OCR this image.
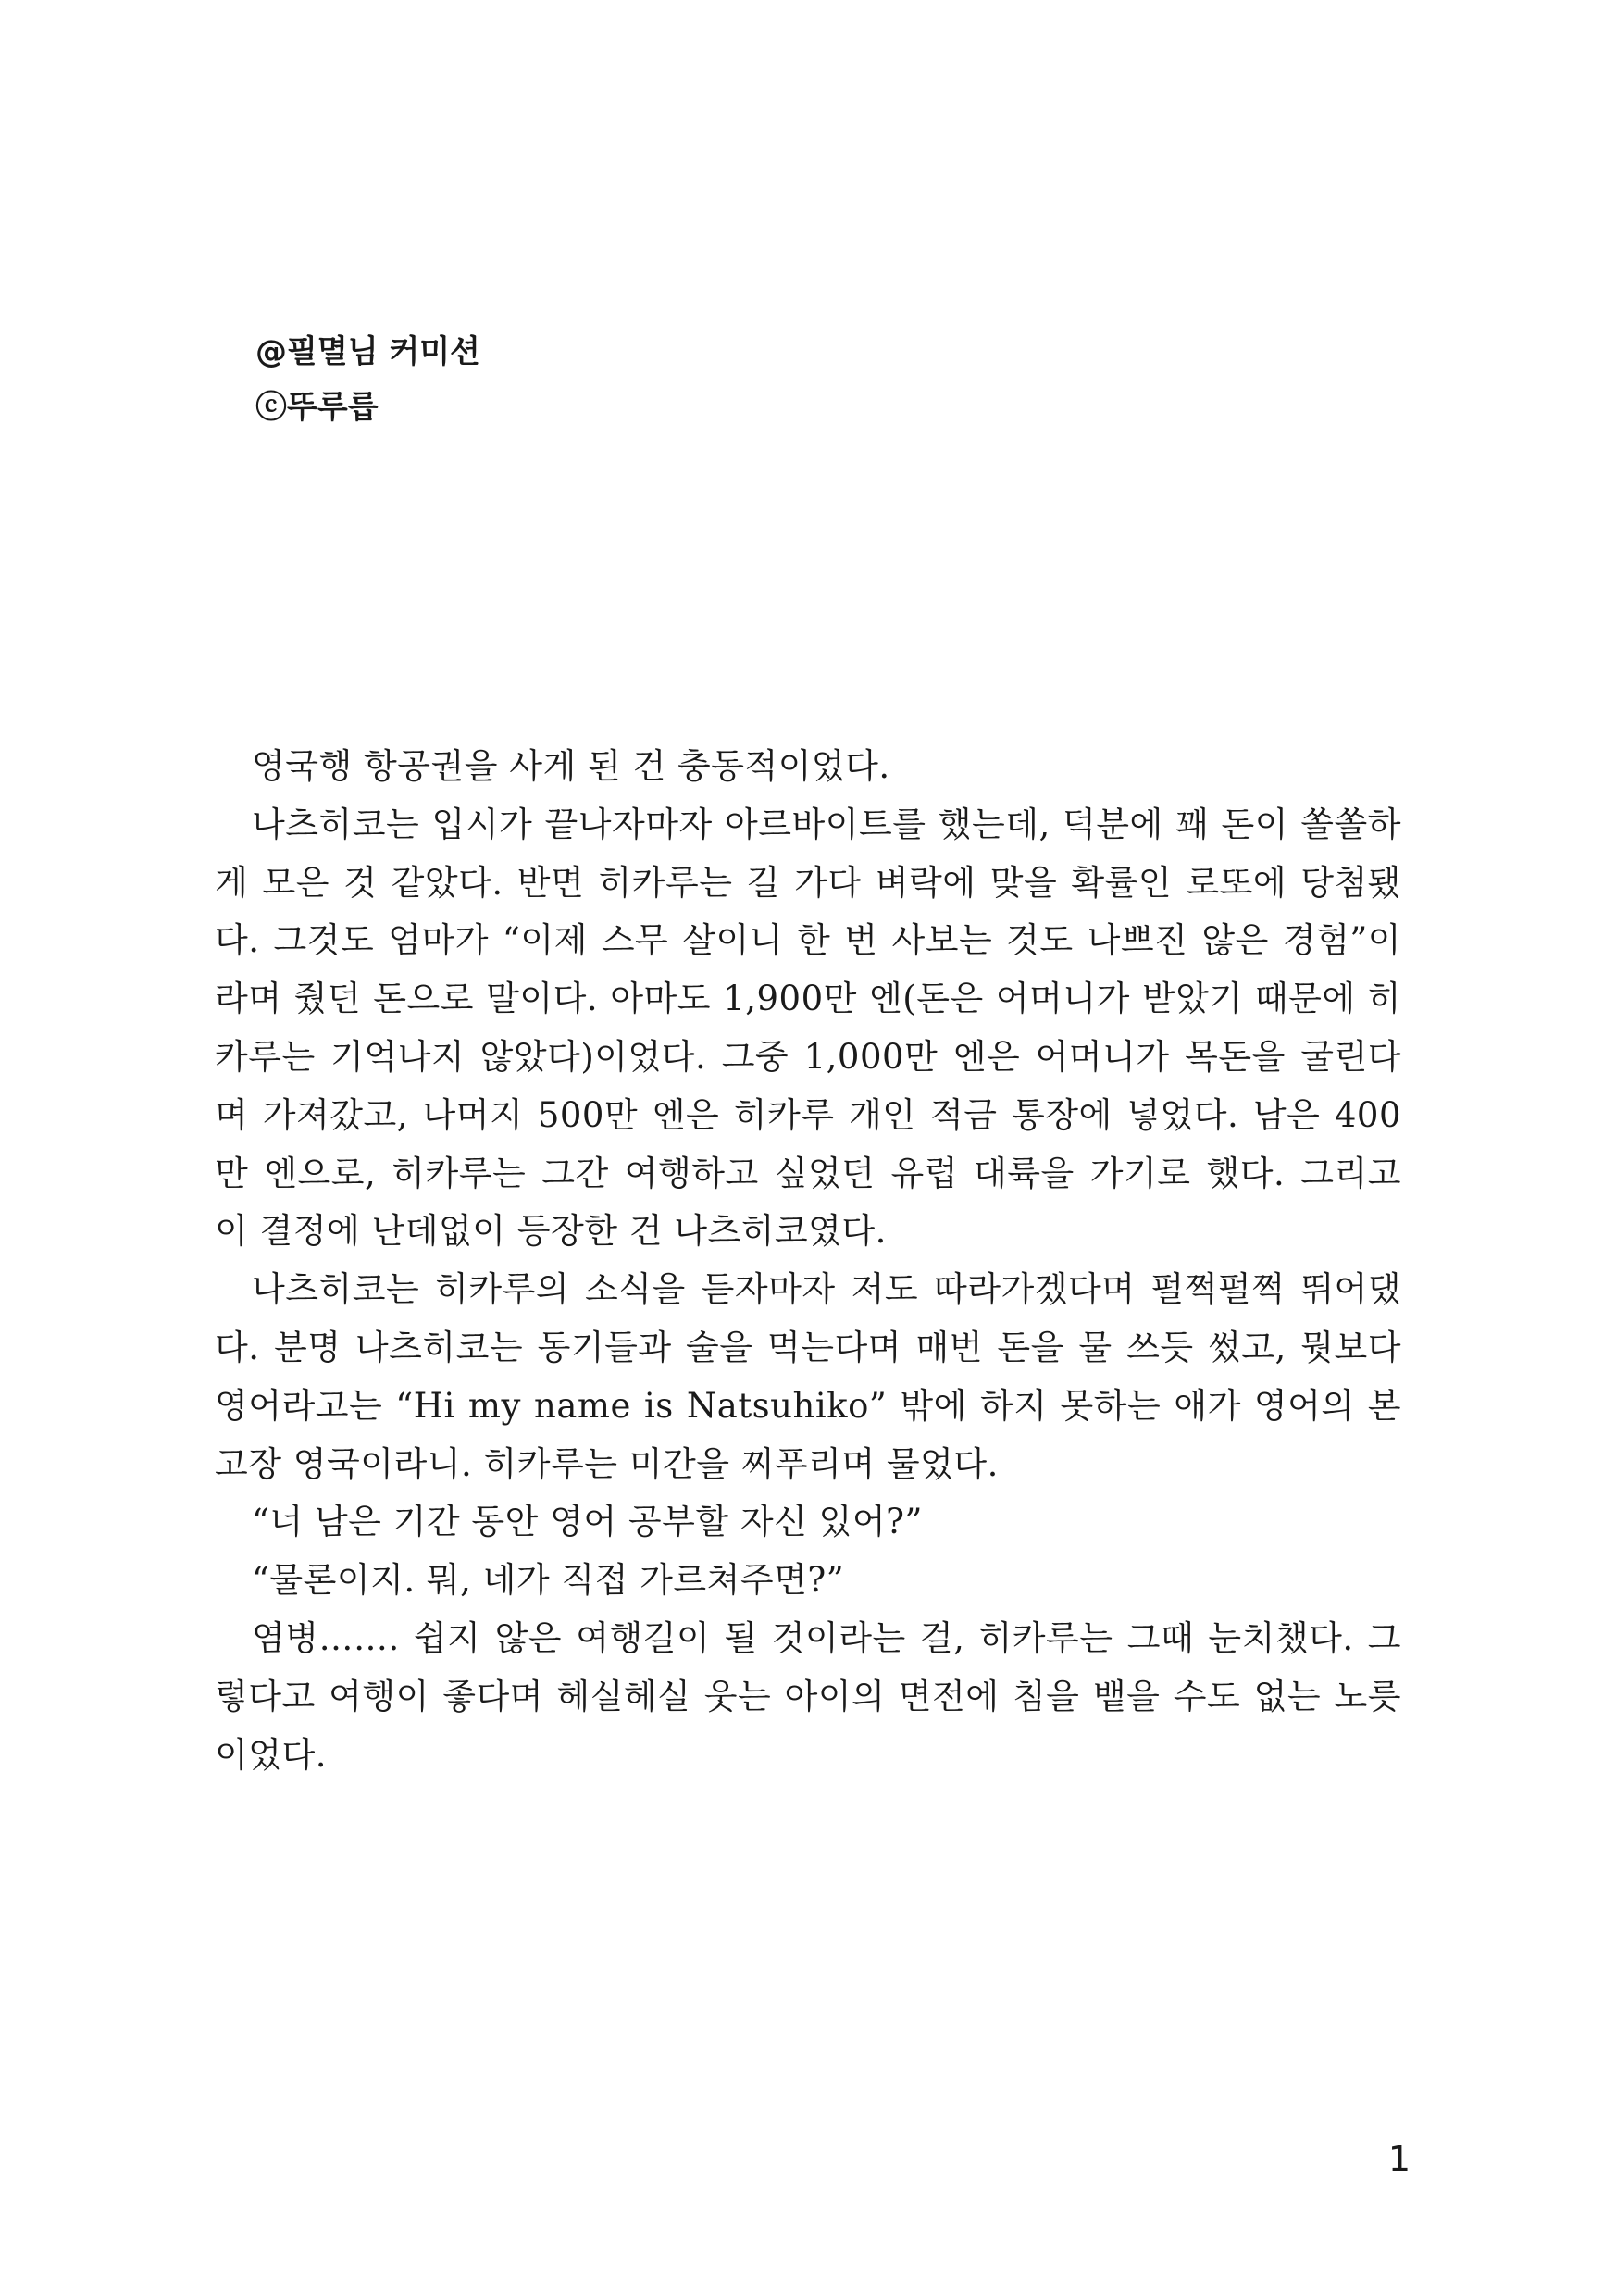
@필멸님 커미션
ⓒ뚜루릅

영국행 항공권을 사게 된 건 충동적이었다.

나츠히코는 입시가 끝나자마자 아르바이트를 했는데, 덕분에 꽤 돈이 쏠쏠하게 모은 것 같았다. 반면 히카루는 길 가다 벼락에 맞을 확률인 로또에 당첨됐다. 그것도 엄마가 “이제 스무 살이니 한 번 사보는 것도 나쁘진 않은 경험”이라며 줬던 돈으로 말이다. 아마도 1,900만 엔(돈은 어머니가 받았기 때문에 히카루는 기억나지 않았다)이었다. 그중 1,000만 엔은 어머니가 목돈을 굴린다며 가져갔고, 나머지 500만 엔은 히카루 개인 적금 통장에 넣었다. 남은 400만 엔으로, 히카루는 그간 여행하고 싶었던 유럽 대륙을 가기로 했다. 그리고 이 결정에 난데없이 등장한 건 나츠히코였다.

나츠히코는 히카루의 소식을 듣자마자 저도 따라가겠다며 펄쩍펄쩍 뛰어댔다. 분명 나츠히코는 동기들과 술을 먹는다며 매번 돈을 물 쓰듯 썼고, 뭣보다 영어라고는 “Hi my name is Natsuhiko” 밖에 하지 못하는 애가 영어의 본고장 영국이라니. 히카루는 미간을 찌푸리며 물었다.

“너 남은 기간 동안 영어 공부할 자신 있어?”

“물론이지. 뭐, 네가 직접 가르쳐주면?”

염병……. 쉽지 않은 여행길이 될 것이라는 걸, 히카루는 그때 눈치챘다. 그렇다고 여행이 좋다며 헤실헤실 웃는 아이의 면전에 침을 뱉을 수도 없는 노릇이었다.

1
